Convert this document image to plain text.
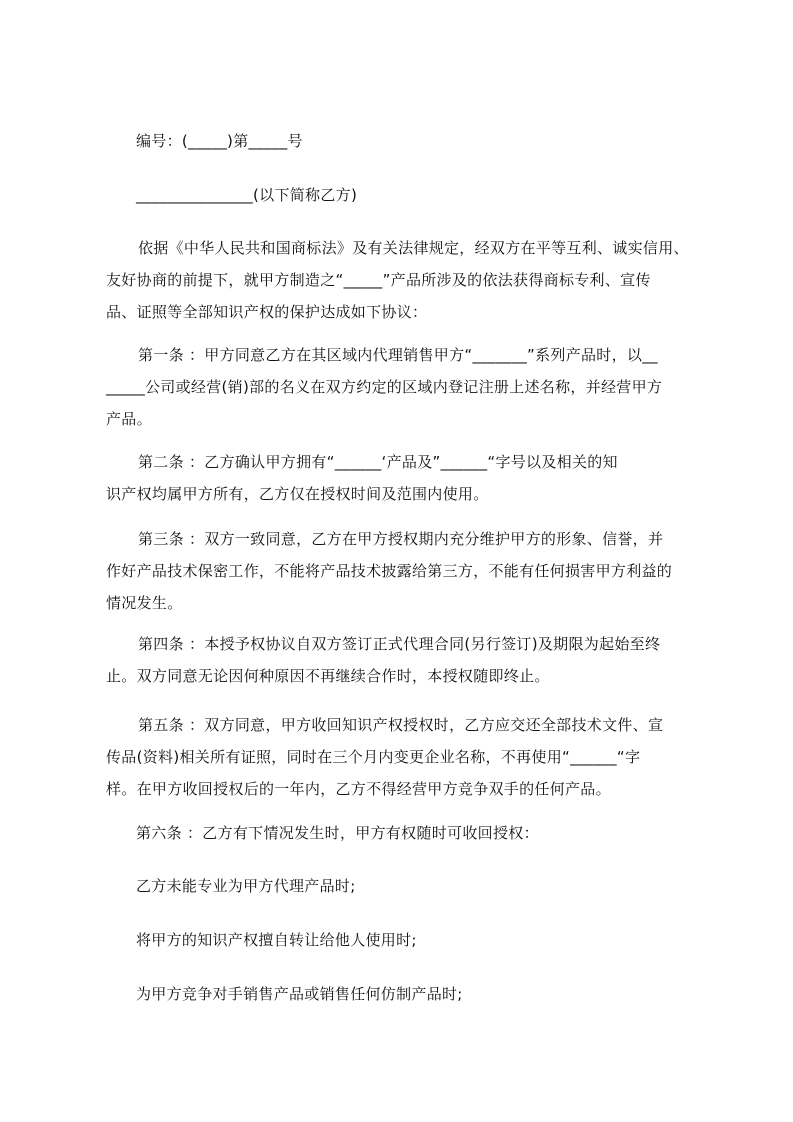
编号：(_____)第_____号
_______________(以下简称乙方)
依据《中华人民共和国商标法》及有关法律规定，经双方在平等互利、诚实信用、
友好协商的前提下，就甲方制造之“_____”产品所涉及的依法获得商标专利、宣传
品、证照等全部知识产权的保护达成如下协议：
第一条 ：甲方同意乙方在其区域内代理销售甲方“_______”系列产品时，以__
_____公司或经营(销)部的名义在双方约定的区域内登记注册上述名称，并经营甲方
产品。
第二条 ：乙方确认甲方拥有“______‘产品及”______“字号以及相关的知
识产权均属甲方所有，乙方仅在授权时间及范围内使用。
第三条 ：双方一致同意，乙方在甲方授权期内充分维护甲方的形象、信誉，并
作好产品技术保密工作，不能将产品技术披露给第三方，不能有任何损害甲方利益的
情况发生。
第四条 ：本授予权协议自双方签订正式代理合同(另行签订)及期限为起始至终
止。双方同意无论因何种原因不再继续合作时，本授权随即终止。
第五条 ：双方同意，甲方收回知识产权授权时，乙方应交还全部技术文件、宣
传品(资料)相关所有证照，同时在三个月内变更企业名称，不再使用“______“字
样。在甲方收回授权后的一年内，乙方不得经营甲方竞争双手的任何产品。
第六条 ：乙方有下情况发生时，甲方有权随时可收回授权：
乙方未能专业为甲方代理产品时;
将甲方的知识产权擅自转让给他人使用时;
为甲方竞争对手销售产品或销售任何仿制产品时;
